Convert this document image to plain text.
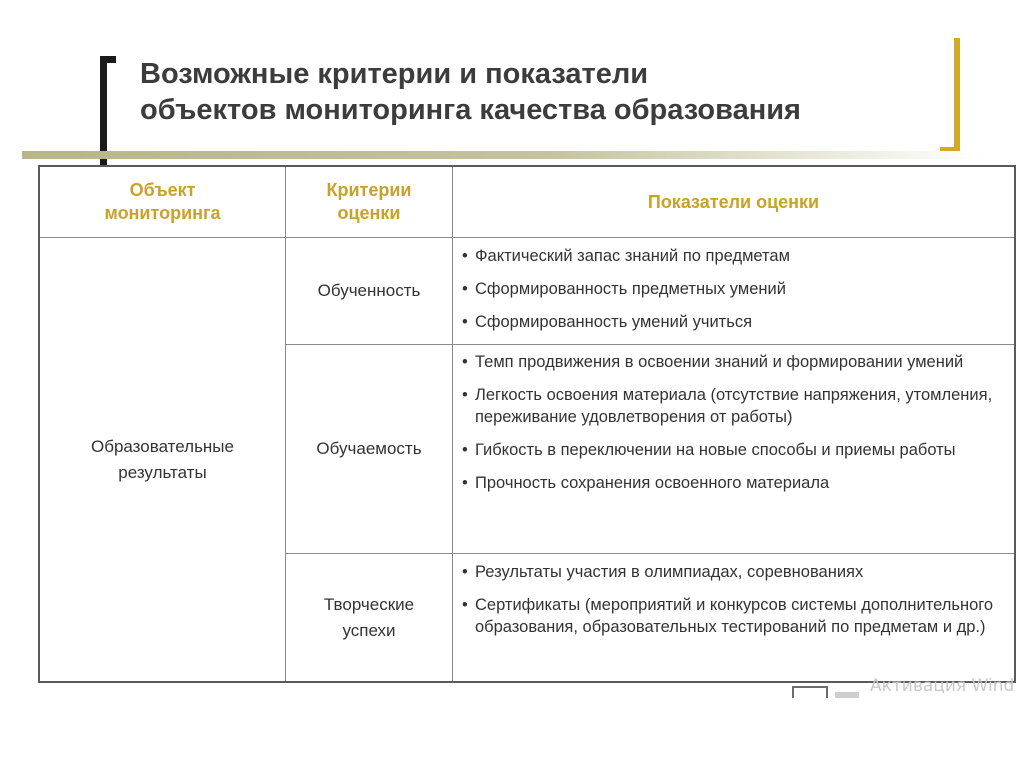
Возможные критерии и показатели
объектов мониторинга качества образования
Объект мониторинга
Критерии оценки
Показатели оценки
Образовательные результаты
Обученность
Обучаемость
Творческие успехи
• Фактический запас знаний по предметам
• Сформированность предметных умений
• Сформированность умений учиться
• Темп продвижения в освоении знаний и формировании умений
• Легкость освоения материала (отсутствие напряжения, утомления, переживание удовлетворения от работы)
• Гибкость в переключении на новые способы и приемы работы
• Прочность сохранения освоенного материала
• Результаты участия в олимпиадах, соревнованиях
• Сертификаты (мероприятий и конкурсов системы дополнительного образования, образовательных тестирований по предметам и др.)
Активация Wind
